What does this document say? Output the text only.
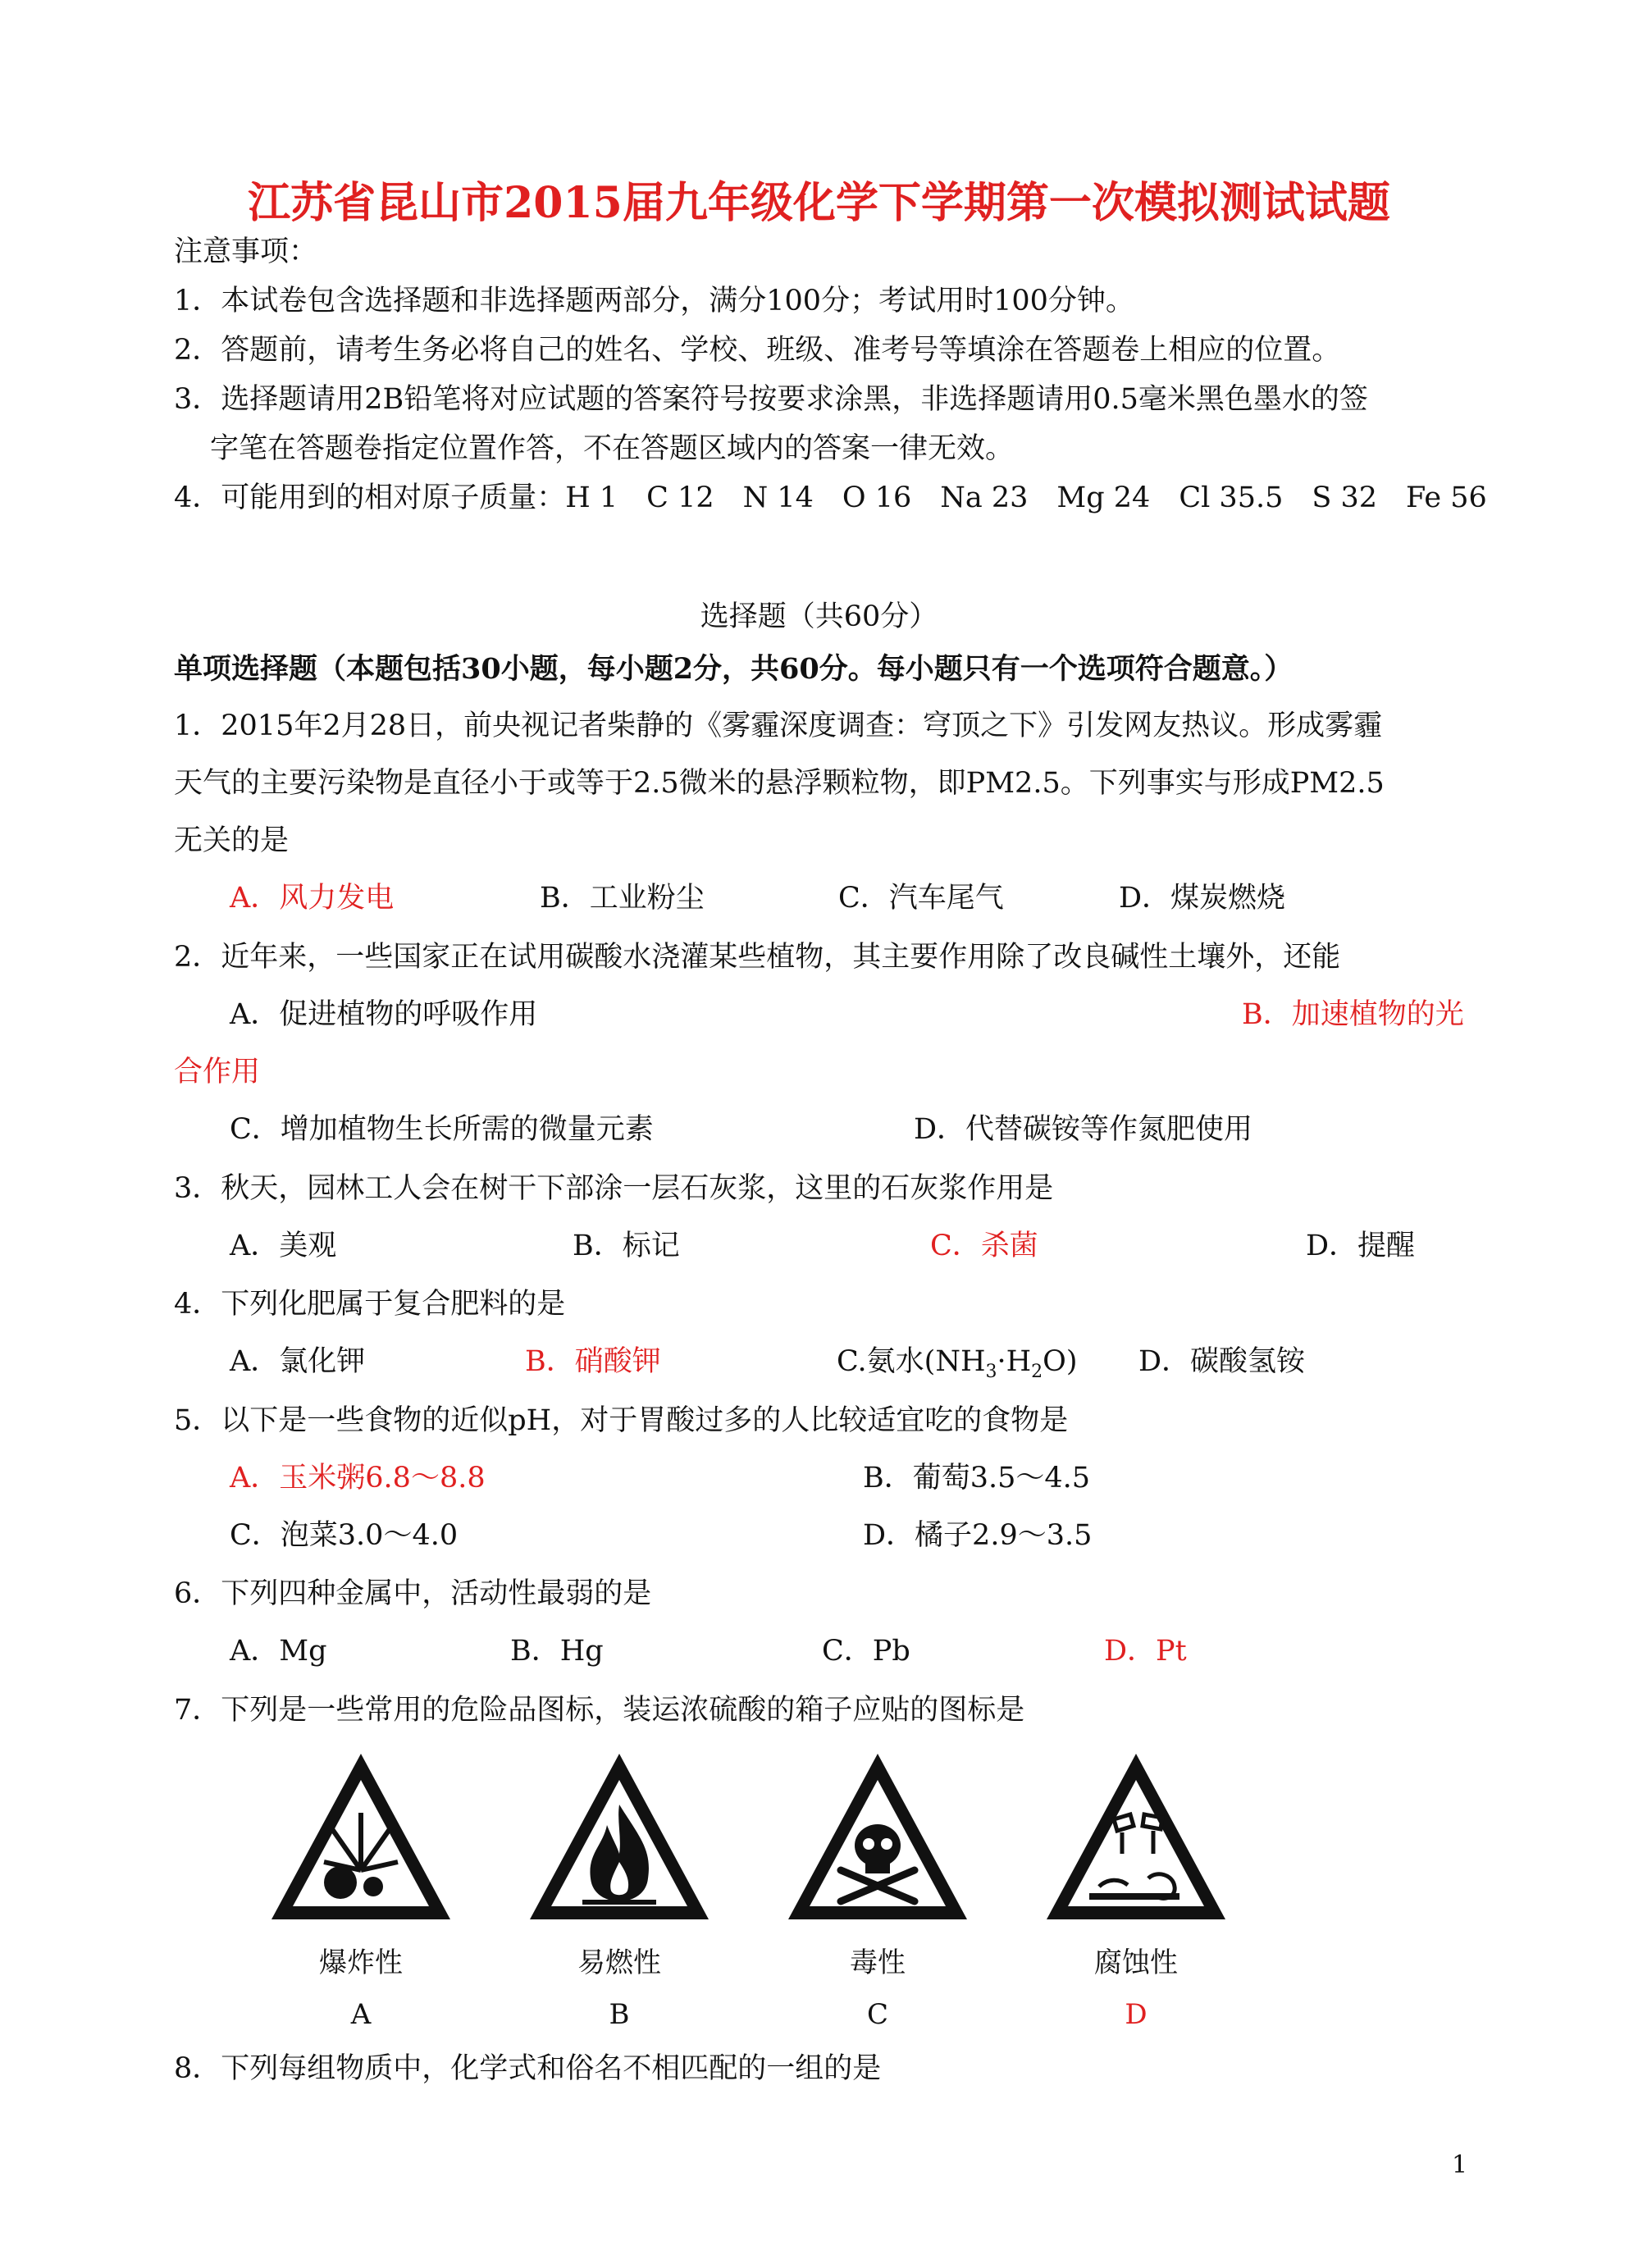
江苏省昆山市2015届九年级化学下学期第一次模拟测试试题
注意事项：
1．本试卷包含选择题和非选择题两部分，满分100分；考试用时100分钟。
2．答题前，请考生务必将自己的姓名、学校、班级、准考号等填涂在答题卷上相应的位置。
3．选择题请用2B铅笔将对应试题的答案符号按要求涂黑，非选择题请用0.5毫米黑色墨水的签
字笔在答题卷指定位置作答，不在答题区域内的答案一律无效。
4．可能用到的相对原子质量：H 1　C 12　N 14　O 16　Na 23　Mg 24　Cl 35.5　S 32　Fe 56
选择题（共60分）
单项选择题（本题包括30小题，每小题2分，共60分。每小题只有一个选项符合题意。）
1．2015年2月28日，前央视记者柴静的《雾霾深度调查：穹顶之下》引发网友热议。形成雾霾
天气的主要污染物是直径小于或等于2.5微米的悬浮颗粒物，即PM2.5。下列事实与形成PM2.5
无关的是
A．风力发电	B．工业粉尘	C．汽车尾气	D．煤炭燃烧
2．近年来，一些国家正在试用碳酸水浇灌某些植物，其主要作用除了改良碱性土壤外，还能
A．促进植物的呼吸作用	B．加速植物的光
合作用
C．增加植物生长所需的微量元素	D．代替碳铵等作氮肥使用
3．秋天，园林工人会在树干下部涂一层石灰浆，这里的石灰浆作用是
A．美观	B．标记	C．杀菌	D．提醒
4．下列化肥属于复合肥料的是
A．氯化钾	B．硝酸钾	C.氨水$(NH_3\cdot H_2O)$ D．碳酸氢铵
5．以下是一些食物的近似pH，对于胃酸过多的人比较适宜吃的食物是
A．玉米粥6.8～8.8	B．葡萄3.5～4.5
C．泡菜3.0～4.0	D．橘子2.9～3.5
6．下列四种金属中，活动性最弱的是
A．Mg	B．Hg	C．Pb	D．Pt
7．下列是一些常用的危险品图标，装运浓硫酸的箱子应贴的图标是
爆炸性
A
易燃性
B
毒性
C
腐蚀性
D
8．下列每组物质中，化学式和俗名不相匹配的一组的是
1
